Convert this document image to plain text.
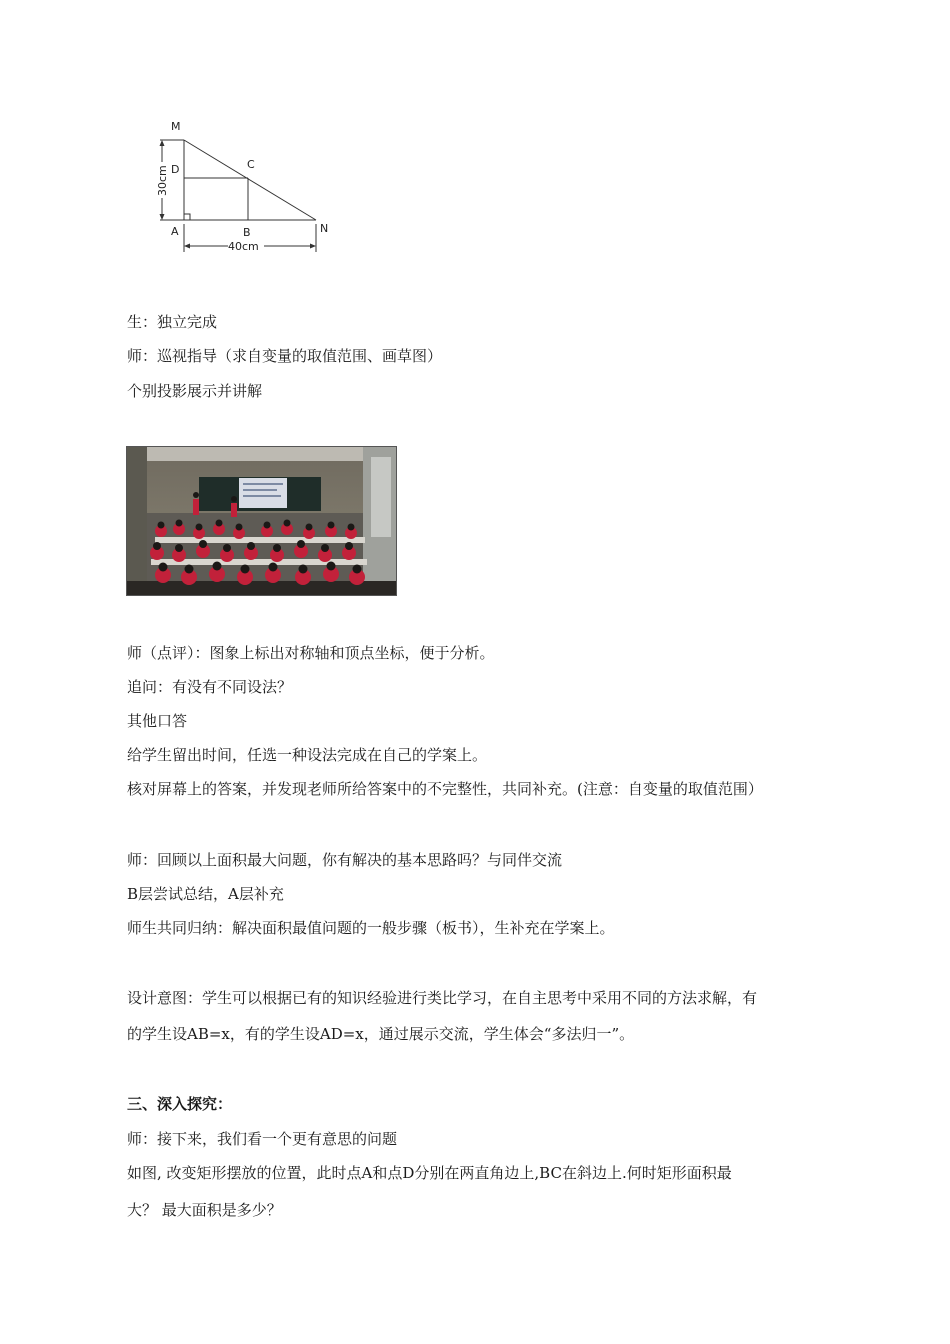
M
D	C
A	B	N
30cm
40cm
生：独立完成
师：巡视指导（求自变量的取值范围、画草图）
个别投影展示并讲解
师（点评）：图象上标出对称轴和顶点坐标，便于分析。
追问：有没有不同设法？
其他口答
给学生留出时间，任选一种设法完成在自己的学案上。
核对屏幕上的答案，并发现老师所给答案中的不完整性，共同补充。(注意：自变量的取值范围）
师：回顾以上面积最大问题，你有解决的基本思路吗？与同伴交流
B层尝试总结，A层补充
师生共同归纳：解决面积最值问题的一般步骤（板书），生补充在学案上。
设计意图：学生可以根据已有的知识经验进行类比学习，在自主思考中采用不同的方法求解，有
的学生设AB=x，有的学生设AD=x，通过展示交流，学生体会“多法归一”。
三、深入探究：
师：接下来，我们看一个更有意思的问题
如图, 改变矩形摆放的位置，此时点A和点D分别在两直角边上,BC在斜边上.何时矩形面积最
大？ 最大面积是多少？
